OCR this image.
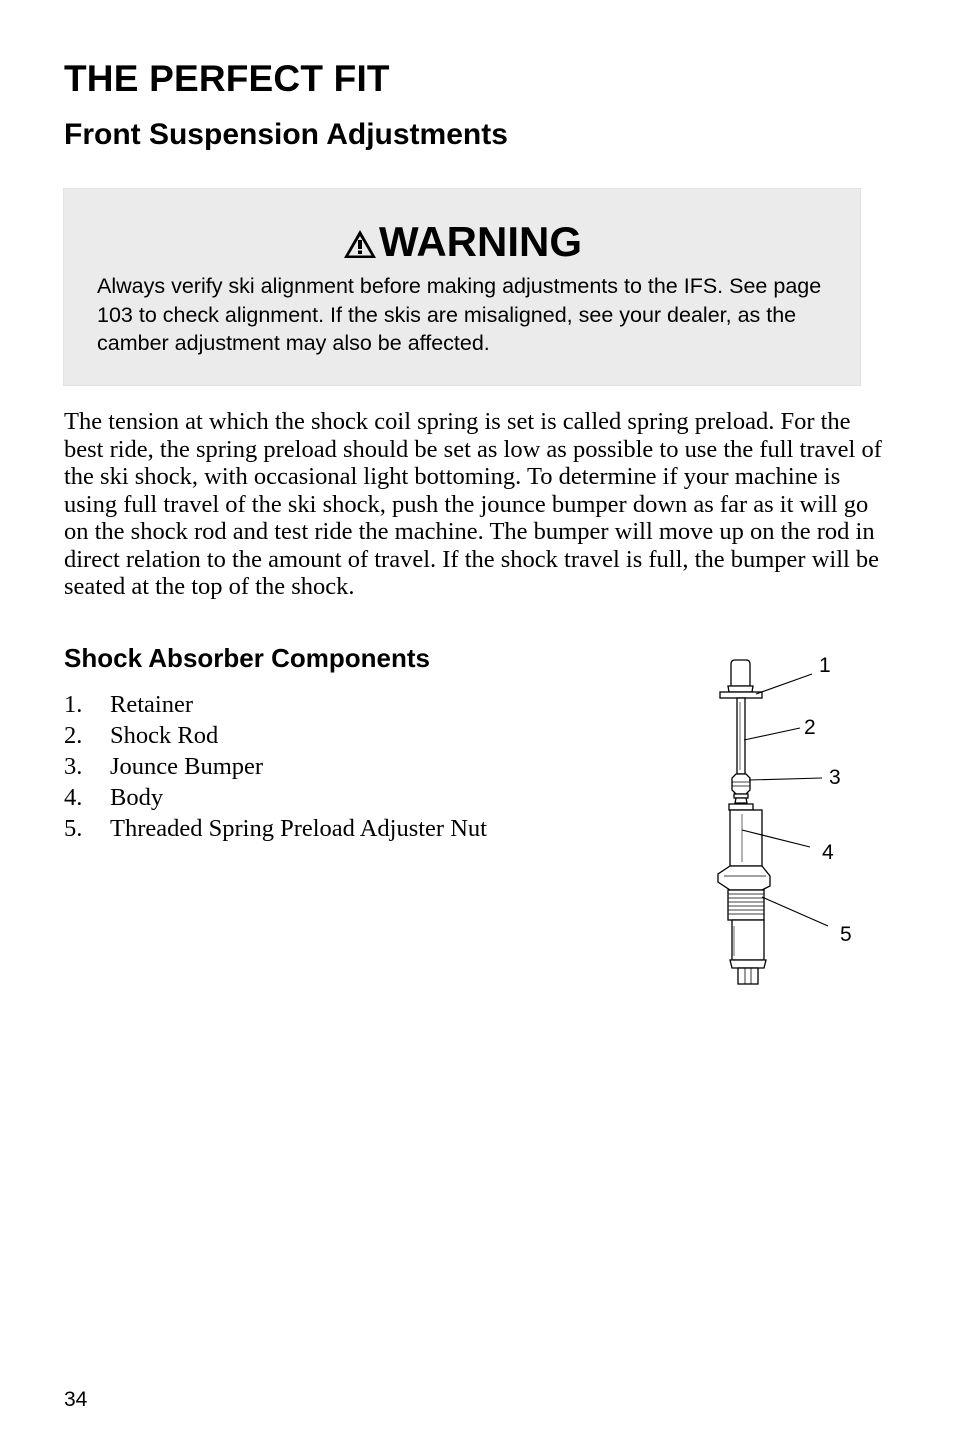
THE PERFECT FIT
Front Suspension Adjustments
WARNING
Always verify ski alignment before making adjustments to the IFS. See page 103 to check alignment. If the skis are misaligned, see your dealer, as the camber adjustment may also be affected.
The tension at which the shock coil spring is set is called spring preload. For the best ride, the spring preload should be set as low as possible to use the full travel of the ski shock, with occasional light bottoming. To determine if your machine is using full travel of the ski shock, push the jounce bumper down as far as it will go on the shock rod and test ride the machine. The bumper will move up on the rod in direct relation to the amount of travel. If the shock travel is full, the bumper will be seated at the top of the shock.
Shock Absorber Components
1.	Retainer
2.	Shock Rod
3.	Jounce Bumper
4.	Body
5.	Threaded Spring Preload Adjuster Nut
1
2
3
4
5
34
